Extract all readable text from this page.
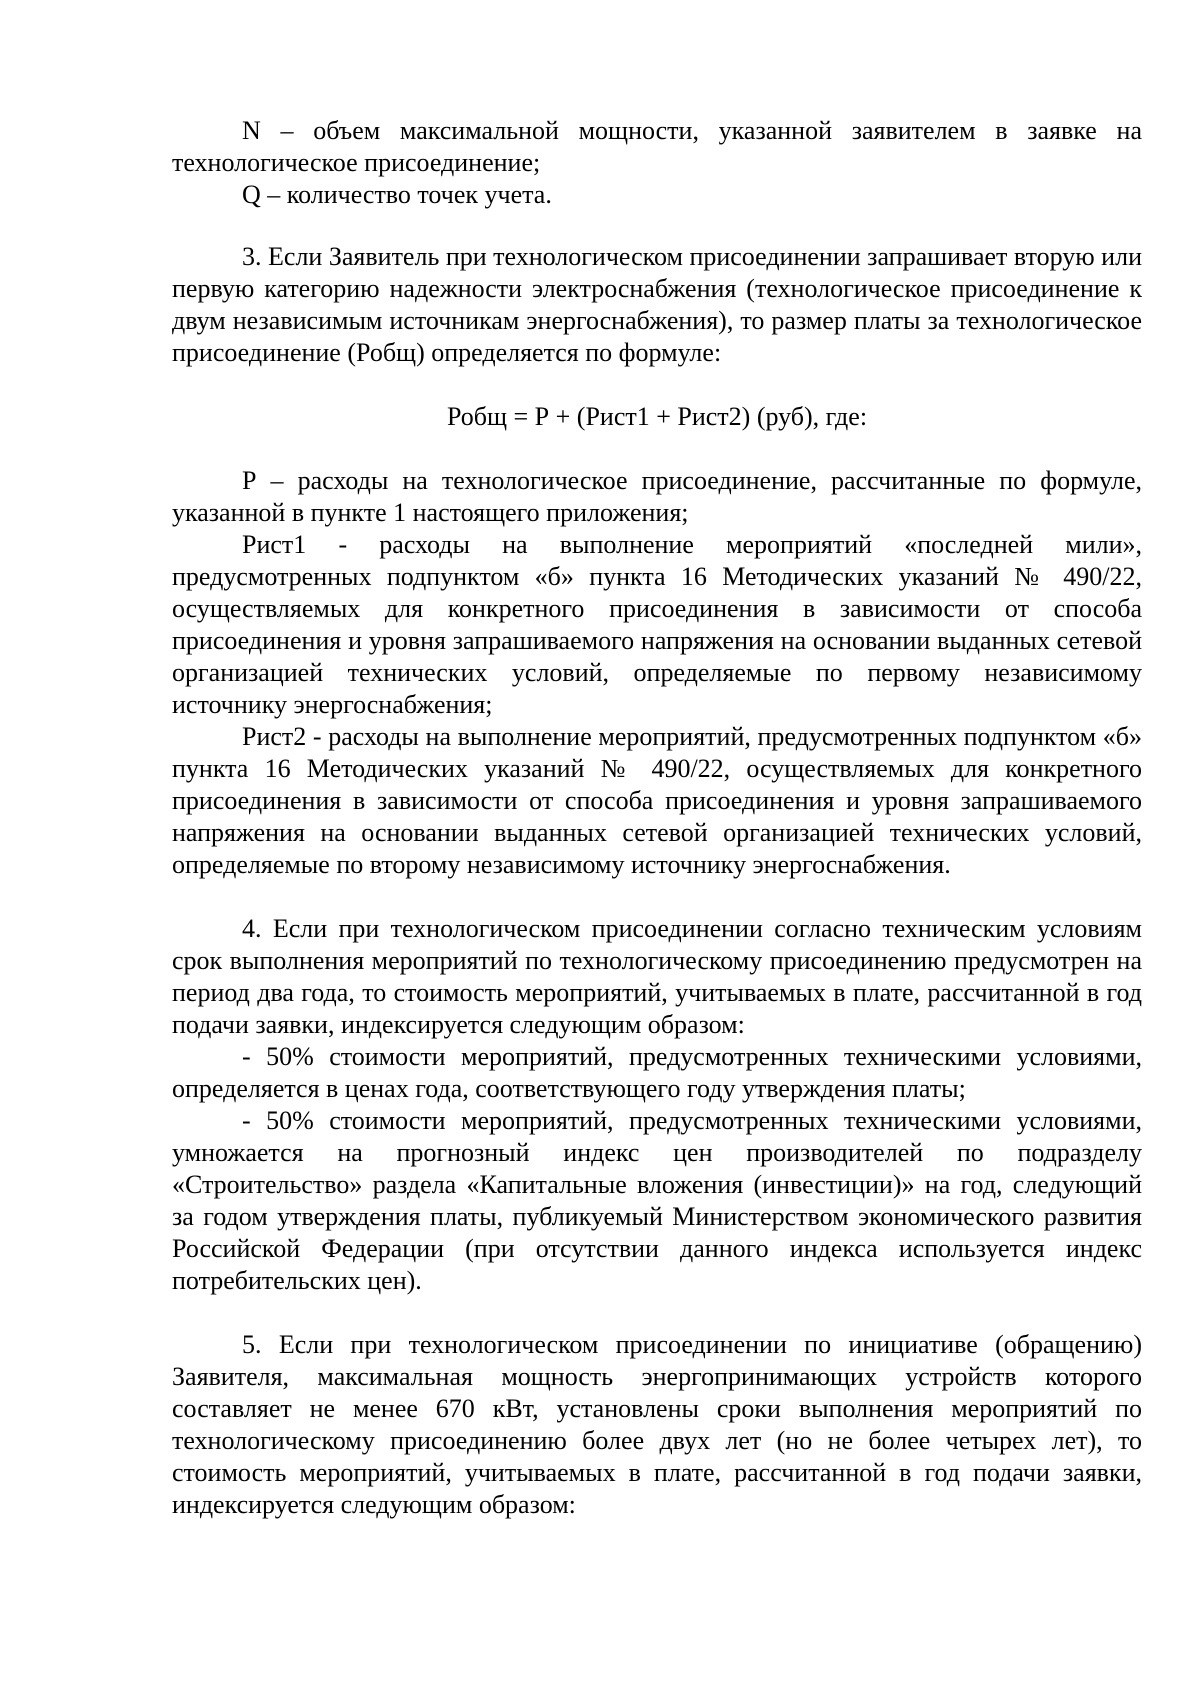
N – объем максимальной мощности, указанной заявителем в заявке на технологическое присоединение;

Q – количество точек учета.

3. Если Заявитель при технологическом присоединении запрашивает вторую или первую категорию надежности электроснабжения (технологическое присоединение к двум независимым источникам энергоснабжения), то размер платы за технологическое присоединение (Робщ) определяется по формуле:

Робщ = Р + (Рист1 + Рист2) (руб), где:

Р – расходы на технологическое присоединение, рассчитанные по формуле, указанной в пункте 1 настоящего приложения;

Рист1 - расходы на выполнение мероприятий «последней мили», предусмотренных подпунктом «б» пункта 16 Методических указаний № 490/22, осуществляемых для конкретного присоединения в зависимости от способа присоединения и уровня запрашиваемого напряжения на основании выданных сетевой организацией технических условий, определяемые по первому независимому источнику энергоснабжения;

Рист2 - расходы на выполнение мероприятий, предусмотренных подпунктом «б» пункта 16 Методических указаний № 490/22, осуществляемых для конкретного присоединения в зависимости от способа присоединения и уровня запрашиваемого напряжения на основании выданных сетевой организацией технических условий, определяемые по второму независимому источнику энергоснабжения.

4. Если при технологическом присоединении согласно техническим условиям срок выполнения мероприятий по технологическому присоединению предусмотрен на период два года, то стоимость мероприятий, учитываемых в плате, рассчитанной в год подачи заявки, индексируется следующим образом:

- 50% стоимости мероприятий, предусмотренных техническими условиями, определяется в ценах года, соответствующего году утверждения платы;

- 50% стоимости мероприятий, предусмотренных техническими условиями, умножается на прогнозный индекс цен производителей по подразделу «Строительство» раздела «Капитальные вложения (инвестиции)» на год, следующий за годом утверждения платы, публикуемый Министерством экономического развития Российской Федерации (при отсутствии данного индекса используется индекс потребительских цен).

5. Если при технологическом присоединении по инициативе (обращению) Заявителя, максимальная мощность энергопринимающих устройств которого составляет не менее 670 кВт, установлены сроки выполнения мероприятий по технологическому присоединению более двух лет (но не более четырех лет), то стоимость мероприятий, учитываемых в плате, рассчитанной в год подачи заявки, индексируется следующим образом:
